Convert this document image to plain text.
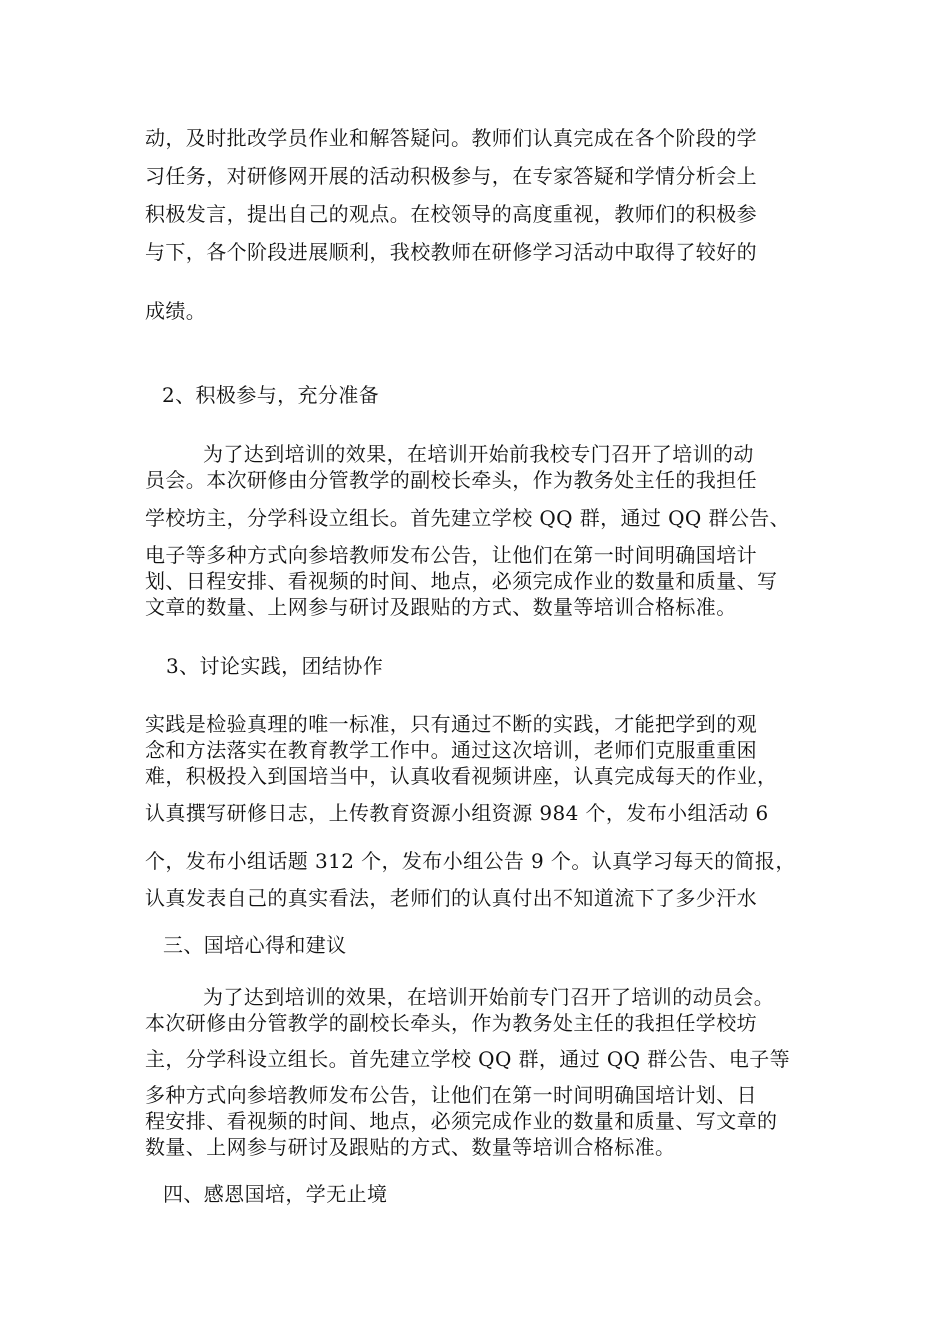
动，及时批改学员作业和解答疑问。教师们认真完成在各个阶段的学
习任务，对研修网开展的活动积极参与，在专家答疑和学情分析会上
积极发言，提出自己的观点。在校领导的高度重视，教师们的积极参
与下，各个阶段进展顺利，我校教师在研修学习活动中取得了较好的
成绩。
2、积极参与，充分准备
为了达到培训的效果，在培训开始前我校专门召开了培训的动
员会。本次研修由分管教学的副校长牵头，作为教务处主任的我担任
学校坊主，分学科设立组长。首先建立学校 QQ 群，通过 QQ 群公告、
电子等多种方式向参培教师发布公告，让他们在第一时间明确国培计
划、日程安排、看视频的时间、地点，必须完成作业的数量和质量、写
文章的数量、上网参与研讨及跟贴的方式、数量等培训合格标准。
3、讨论实践，团结协作
实践是检验真理的唯一标准，只有通过不断的实践，才能把学到的观
念和方法落实在教育教学工作中。通过这次培训，老师们克服重重困
难，积极投入到国培当中，认真收看视频讲座，认真完成每天的作业，
认真撰写研修日志，上传教育资源小组资源 984 个，发布小组活动 6
个，发布小组话题 312 个，发布小组公告 9 个。认真学习每天的简报，
认真发表自己的真实看法，老师们的认真付出不知道流下了多少汗水
三、国培心得和建议
为了达到培训的效果，在培训开始前专门召开了培训的动员会。
本次研修由分管教学的副校长牵头，作为教务处主任的我担任学校坊
主，分学科设立组长。首先建立学校 QQ 群，通过 QQ 群公告、电子等
多种方式向参培教师发布公告，让他们在第一时间明确国培计划、日
程安排、看视频的时间、地点，必须完成作业的数量和质量、写文章的
数量、上网参与研讨及跟贴的方式、数量等培训合格标准。
四、感恩国培，学无止境
